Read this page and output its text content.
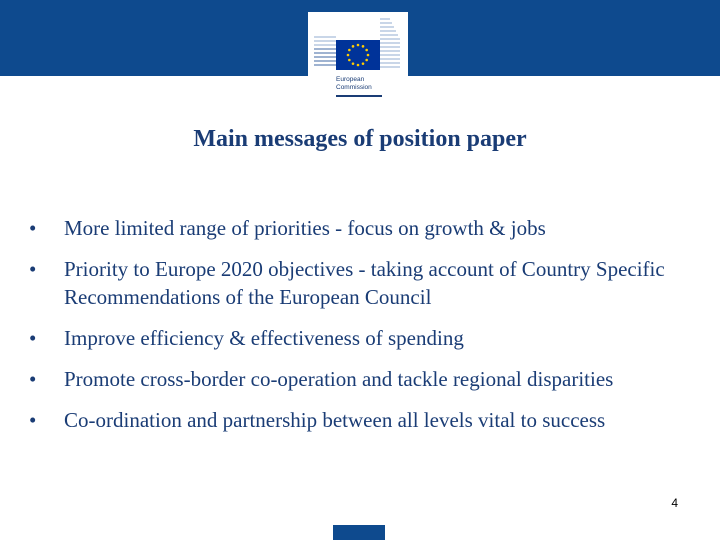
European
Commission
Main messages of position paper
• More limited range of priorities - focus on growth & jobs
• Priority to Europe 2020 objectives - taking account of Country Specific Recommendations of the European Council
• Improve efficiency & effectiveness of spending
• Promote cross-border co-operation and tackle regional disparities
• Co-ordination and partnership between all levels vital to success
4
